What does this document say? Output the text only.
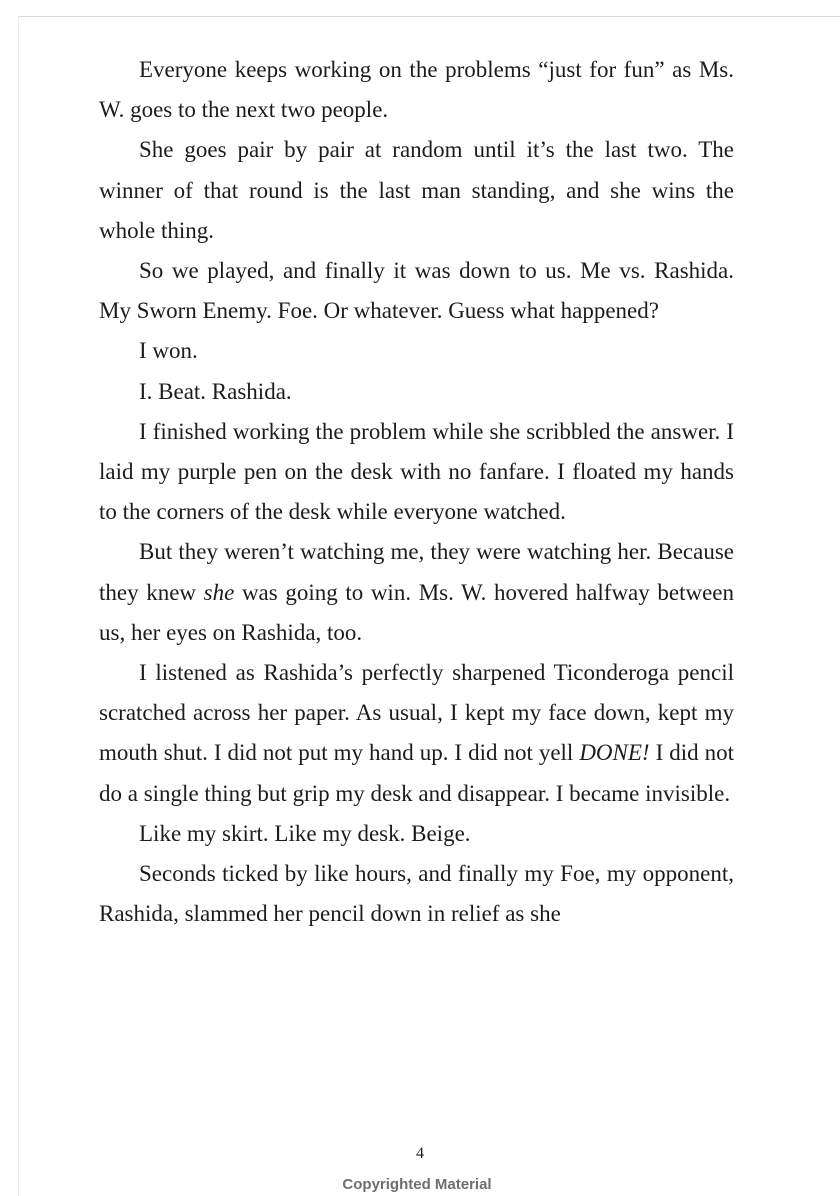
Everyone keeps working on the problems “just for fun” as Ms. W. goes to the next two people.

She goes pair by pair at random until it’s the last two. The winner of that round is the last man standing, and she wins the whole thing.

So we played, and finally it was down to us. Me vs. Rashida. My Sworn Enemy. Foe. Or whatever. Guess what happened?

I won.

I. Beat. Rashida.

I finished working the problem while she scribbled the answer. I laid my purple pen on the desk with no fanfare. I floated my hands to the corners of the desk while everyone watched.

But they weren’t watching me, they were watching her. Because they knew she was going to win. Ms. W. hovered halfway between us, her eyes on Rashida, too.

I listened as Rashida’s perfectly sharpened Ticonderoga pencil scratched across her paper. As usual, I kept my face down, kept my mouth shut. I did not put my hand up. I did not yell DONE! I did not do a single thing but grip my desk and disappear. I became invisible.

Like my skirt. Like my desk. Beige.

Seconds ticked by like hours, and finally my Foe, my opponent, Rashida, slammed her pencil down in relief as she

4
Copyrighted Material
